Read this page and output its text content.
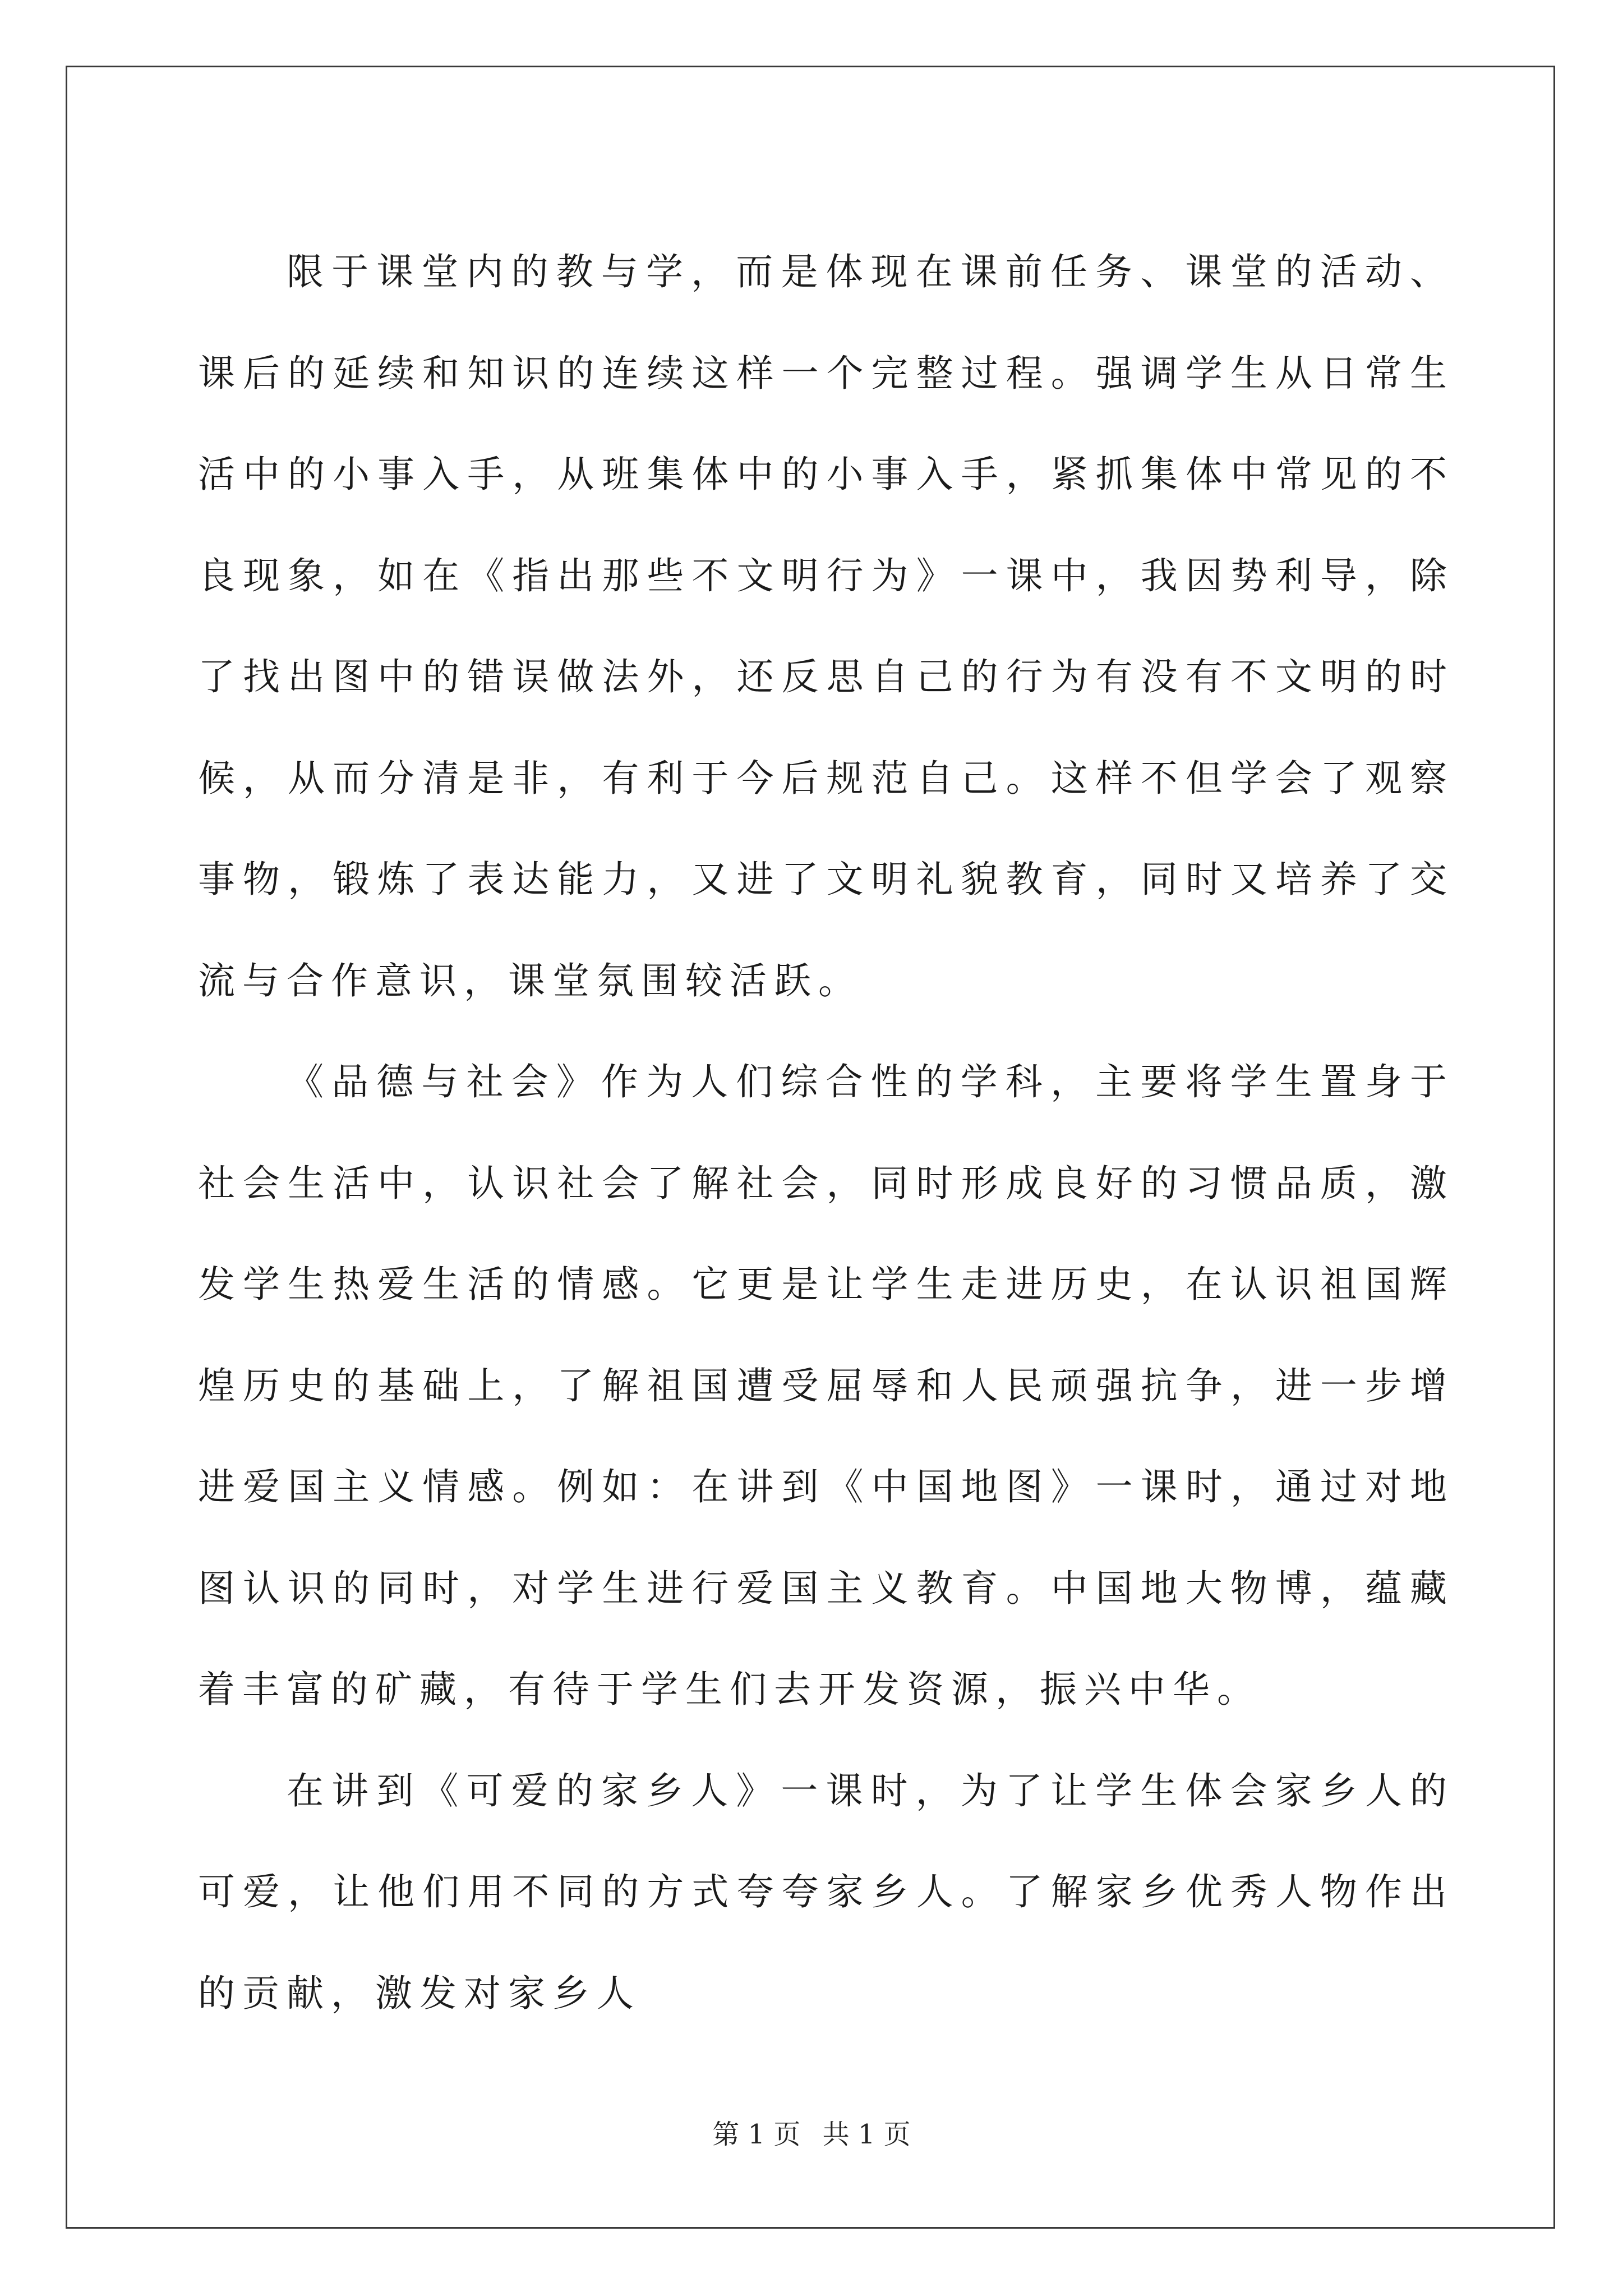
限于课堂内的教与学，而是体现在课前任务、课堂的活动、课后的延续和知识的连续这样一个完整过程。强调学生从日常生活中的小事入手，从班集体中的小事入手，紧抓集体中常见的不良现象，如在《指出那些不文明行为》一课中，我因势利导，除了找出图中的错误做法外，还反思自己的行为有没有不文明的时候，从而分清是非，有利于今后规范自己。这样不但学会了观察事物，锻炼了表达能力，又进了文明礼貌教育，同时又培养了交流与合作意识，课堂氛围较活跃。

《品德与社会》作为人们综合性的学科，主要将学生置身于社会生活中，认识社会了解社会，同时形成良好的习惯品质，激发学生热爱生活的情感。它更是让学生走进历史，在认识祖国辉煌历史的基础上，了解祖国遭受屈辱和人民顽强抗争，进一步增进爱国主义情感。例如：在讲到《中国地图》一课时，通过对地图认识的同时，对学生进行爱国主义教育。中国地大物博，蕴藏着丰富的矿藏，有待于学生们去开发资源，振兴中华。

在讲到《可爱的家乡人》一课时，为了让学生体会家乡人的可爱，让他们用不同的方式夸夸家乡人。了解家乡优秀人物作出的贡献，激发对家乡人

第 1 页 共 1 页
